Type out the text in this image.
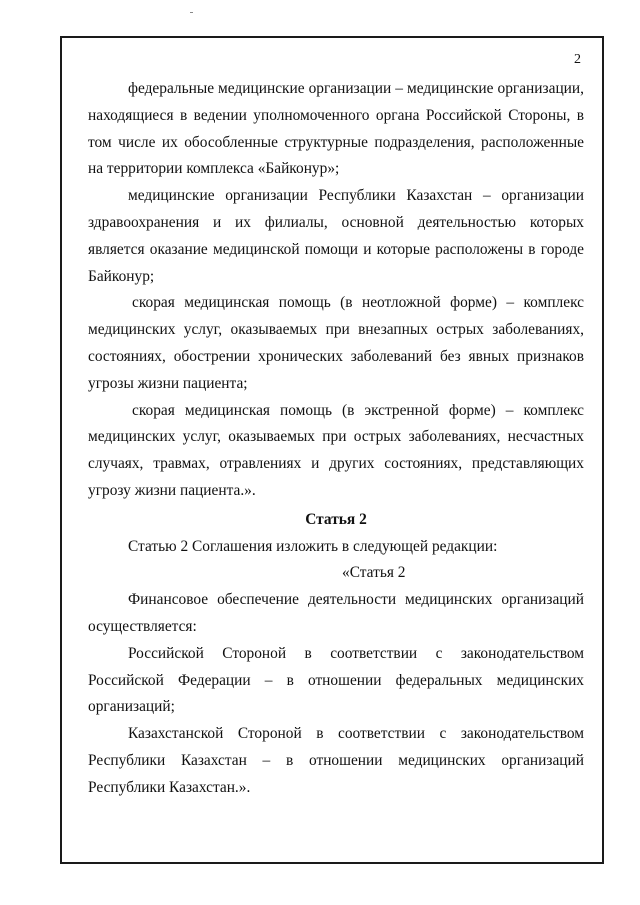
2

федеральные медицинские организации – медицинские организации, находящиеся в ведении уполномоченного органа Российской Стороны, в том числе их обособленные структурные подразделения, расположенные на территории комплекса «Байконур»;

медицинские организации Республики Казахстан – организации здравоохранения и их филиалы, основной деятельностью которых является оказание медицинской помощи и которые расположены в городе Байконур;

скорая медицинская помощь (в неотложной форме) – комплекс медицинских услуг, оказываемых при внезапных острых заболеваниях, состояниях, обострении хронических заболеваний без явных признаков угрозы жизни пациента;

скорая медицинская помощь (в экстренной форме) – комплекс медицинских услуг, оказываемых при острых заболеваниях, несчастных случаях, травмах, отравлениях и других состояниях, представляющих угрозу жизни пациента.».

Статья 2

Статью 2 Соглашения изложить в следующей редакции:

«Статья 2

Финансовое обеспечение деятельности медицинских организаций осуществляется:

Российской Стороной в соответствии с законодательством Российской Федерации – в отношении федеральных медицинских организаций;

Казахстанской Стороной в соответствии с законодательством Республики Казахстан – в отношении медицинских организаций Республики Казахстан.».
